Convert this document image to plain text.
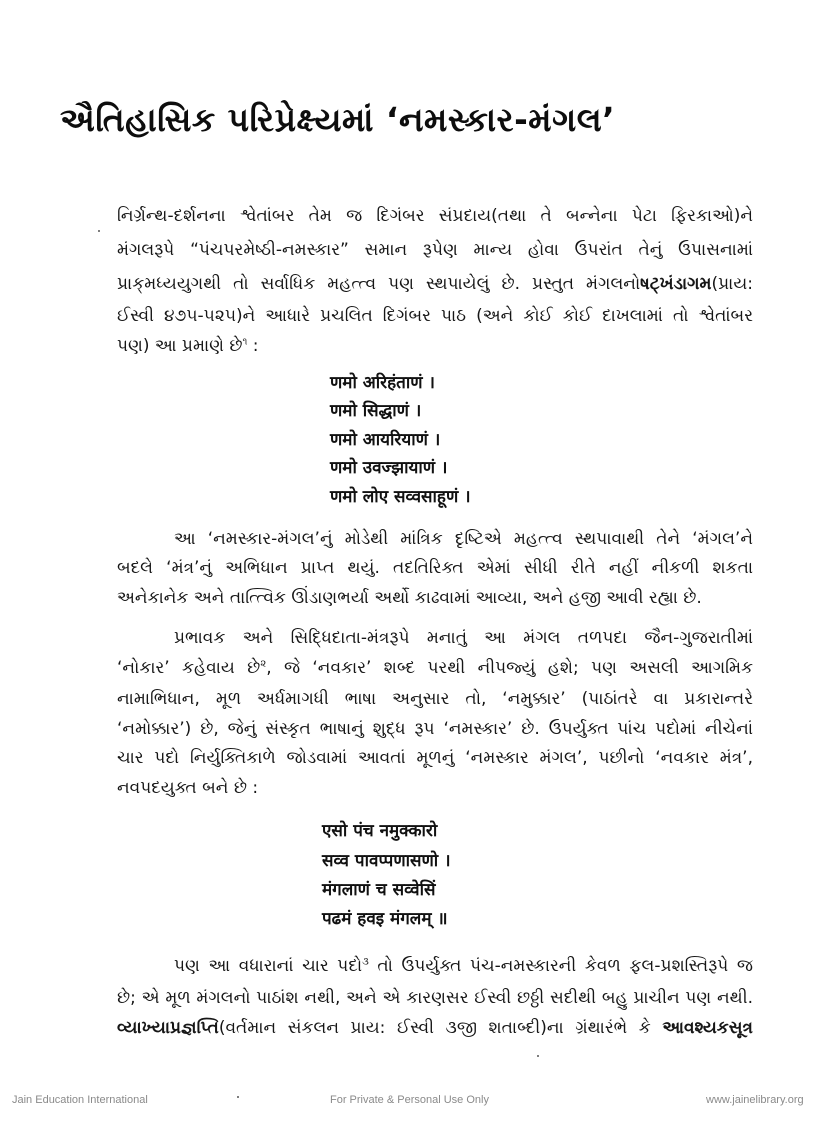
ઐતિહાસિક પરિપ્રેક્ષ્યમાં ‘નમસ્કાર-મંગલ’
નિર્ગ્રન્થ-દર્શનના શ્વેતાંબર તેમ જ દિગંબર સંપ્રદાય(તથા તે બન્નેના પેટા ફિરકાઓ)ને
મંગલરૂપે “પંચપરમેષ્ઠી-નમસ્કાર” સમાન રૂપેણ માન્ય હોવા ઉપરાંત તેનું ઉપાસનામાં
પ્રાક્‌મધ્યયુગથી તો સર્વાધિક મહત્ત્વ પણ સ્થપાયેલું છે. પ્રસ્તુત મંગલનોષટ્‌ખંડાગમ(પ્રાય:
ઈસ્વી ૪૭૫-૫૨૫)ને આધારે પ્રચલિત દિગંબર પાઠ (અને કોઈ કોઈ દાખલામાં તો શ્વેતાંબર
પણ) આ પ્રમાણે છે$^૧$ :
णमो अरिहंताणं ।
णमो सिद्धाणं ।
णमो आयरियाणं ।
णमो उवज्झायाणं ।
णमो लोए सव्वसाहूणं ।
આ ‘નમસ્કાર-મંગલ’નું મોડેથી માંત્રિક દૃષ્ટિએ મહત્ત્વ સ્થપાવાથી તેને ‘મંગલ’ને
બદલે ‘મંત્ર’નું અભિધાન પ્રાપ્ત થયું. તદતિરિક્ત એમાં સીધી રીતે નહીં નીકળી શકતા
અનેકાનેક અને તાત્ત્વિક ઊંડાણભર્યા અર્થો કાઢવામાં આવ્યા, અને હજી આવી રહ્યા છે.
પ્રભાવક અને સિદ્ધિદાતા-મંત્રરૂપે મનાતું આ મંગલ તળપદા જૈન-ગુજરાતીમાં
‘નોકાર’ કહેવાય છે$^૨$, જે ‘નવકાર’ શબ્દ પરથી નીપજ્યું હશે; પણ અસલી આગમિક
નામાભિધાન, મૂળ અર્ધમાગધી ભાષા અનુસાર તો, ‘નમુક્કાર’ (પાઠાંતરે વા પ્રકારાન્તરે
‘નમોક્કાર’) છે, જેનું સંસ્કૃત ભાષાનું શુદ્ધ રૂપ ‘નમસ્કાર’ છે. ઉપર્યુક્ત પાંચ પદોમાં નીચેનાં
ચાર પદો નિર્યુક્તિકાળે જોડવામાં આવતાં મૂળનું ‘નમસ્કાર મંગલ’, પછીનો ‘નવકાર મંત્ર’,
નવપદયુક્ત બને છે :
एसो पंच नमुक्कारो
सव्व पावप्पणासणो ।
मंगलाणं च सव्वेसिं
पढमं हवइ मंगलम् ॥
પણ આ વધારાનાં ચાર પદો$^૩$ તો ઉપર્યુક્ત પંચ-નમસ્કારની કેવળ ફલ-પ્રશસ્તિરૂપે જ
છે; એ મૂળ મંગલનો પાઠાંશ નથી, અને એ કારણસર ઈસ્વી છઠ્ઠી સદીથી બહુ પ્રાચીન પણ નથી.
વ્યાખ્યાપ્રજ્ઞપ્તિ(વર્તમાન સંકલન પ્રાય: ઈસ્વી ૩જી શતાબ્દી)ના ગ્રંથારંભે કે આવશ્યકસૂત્ર
Jain Education International	For Private & Personal Use Only	www.jainelibrary.org
